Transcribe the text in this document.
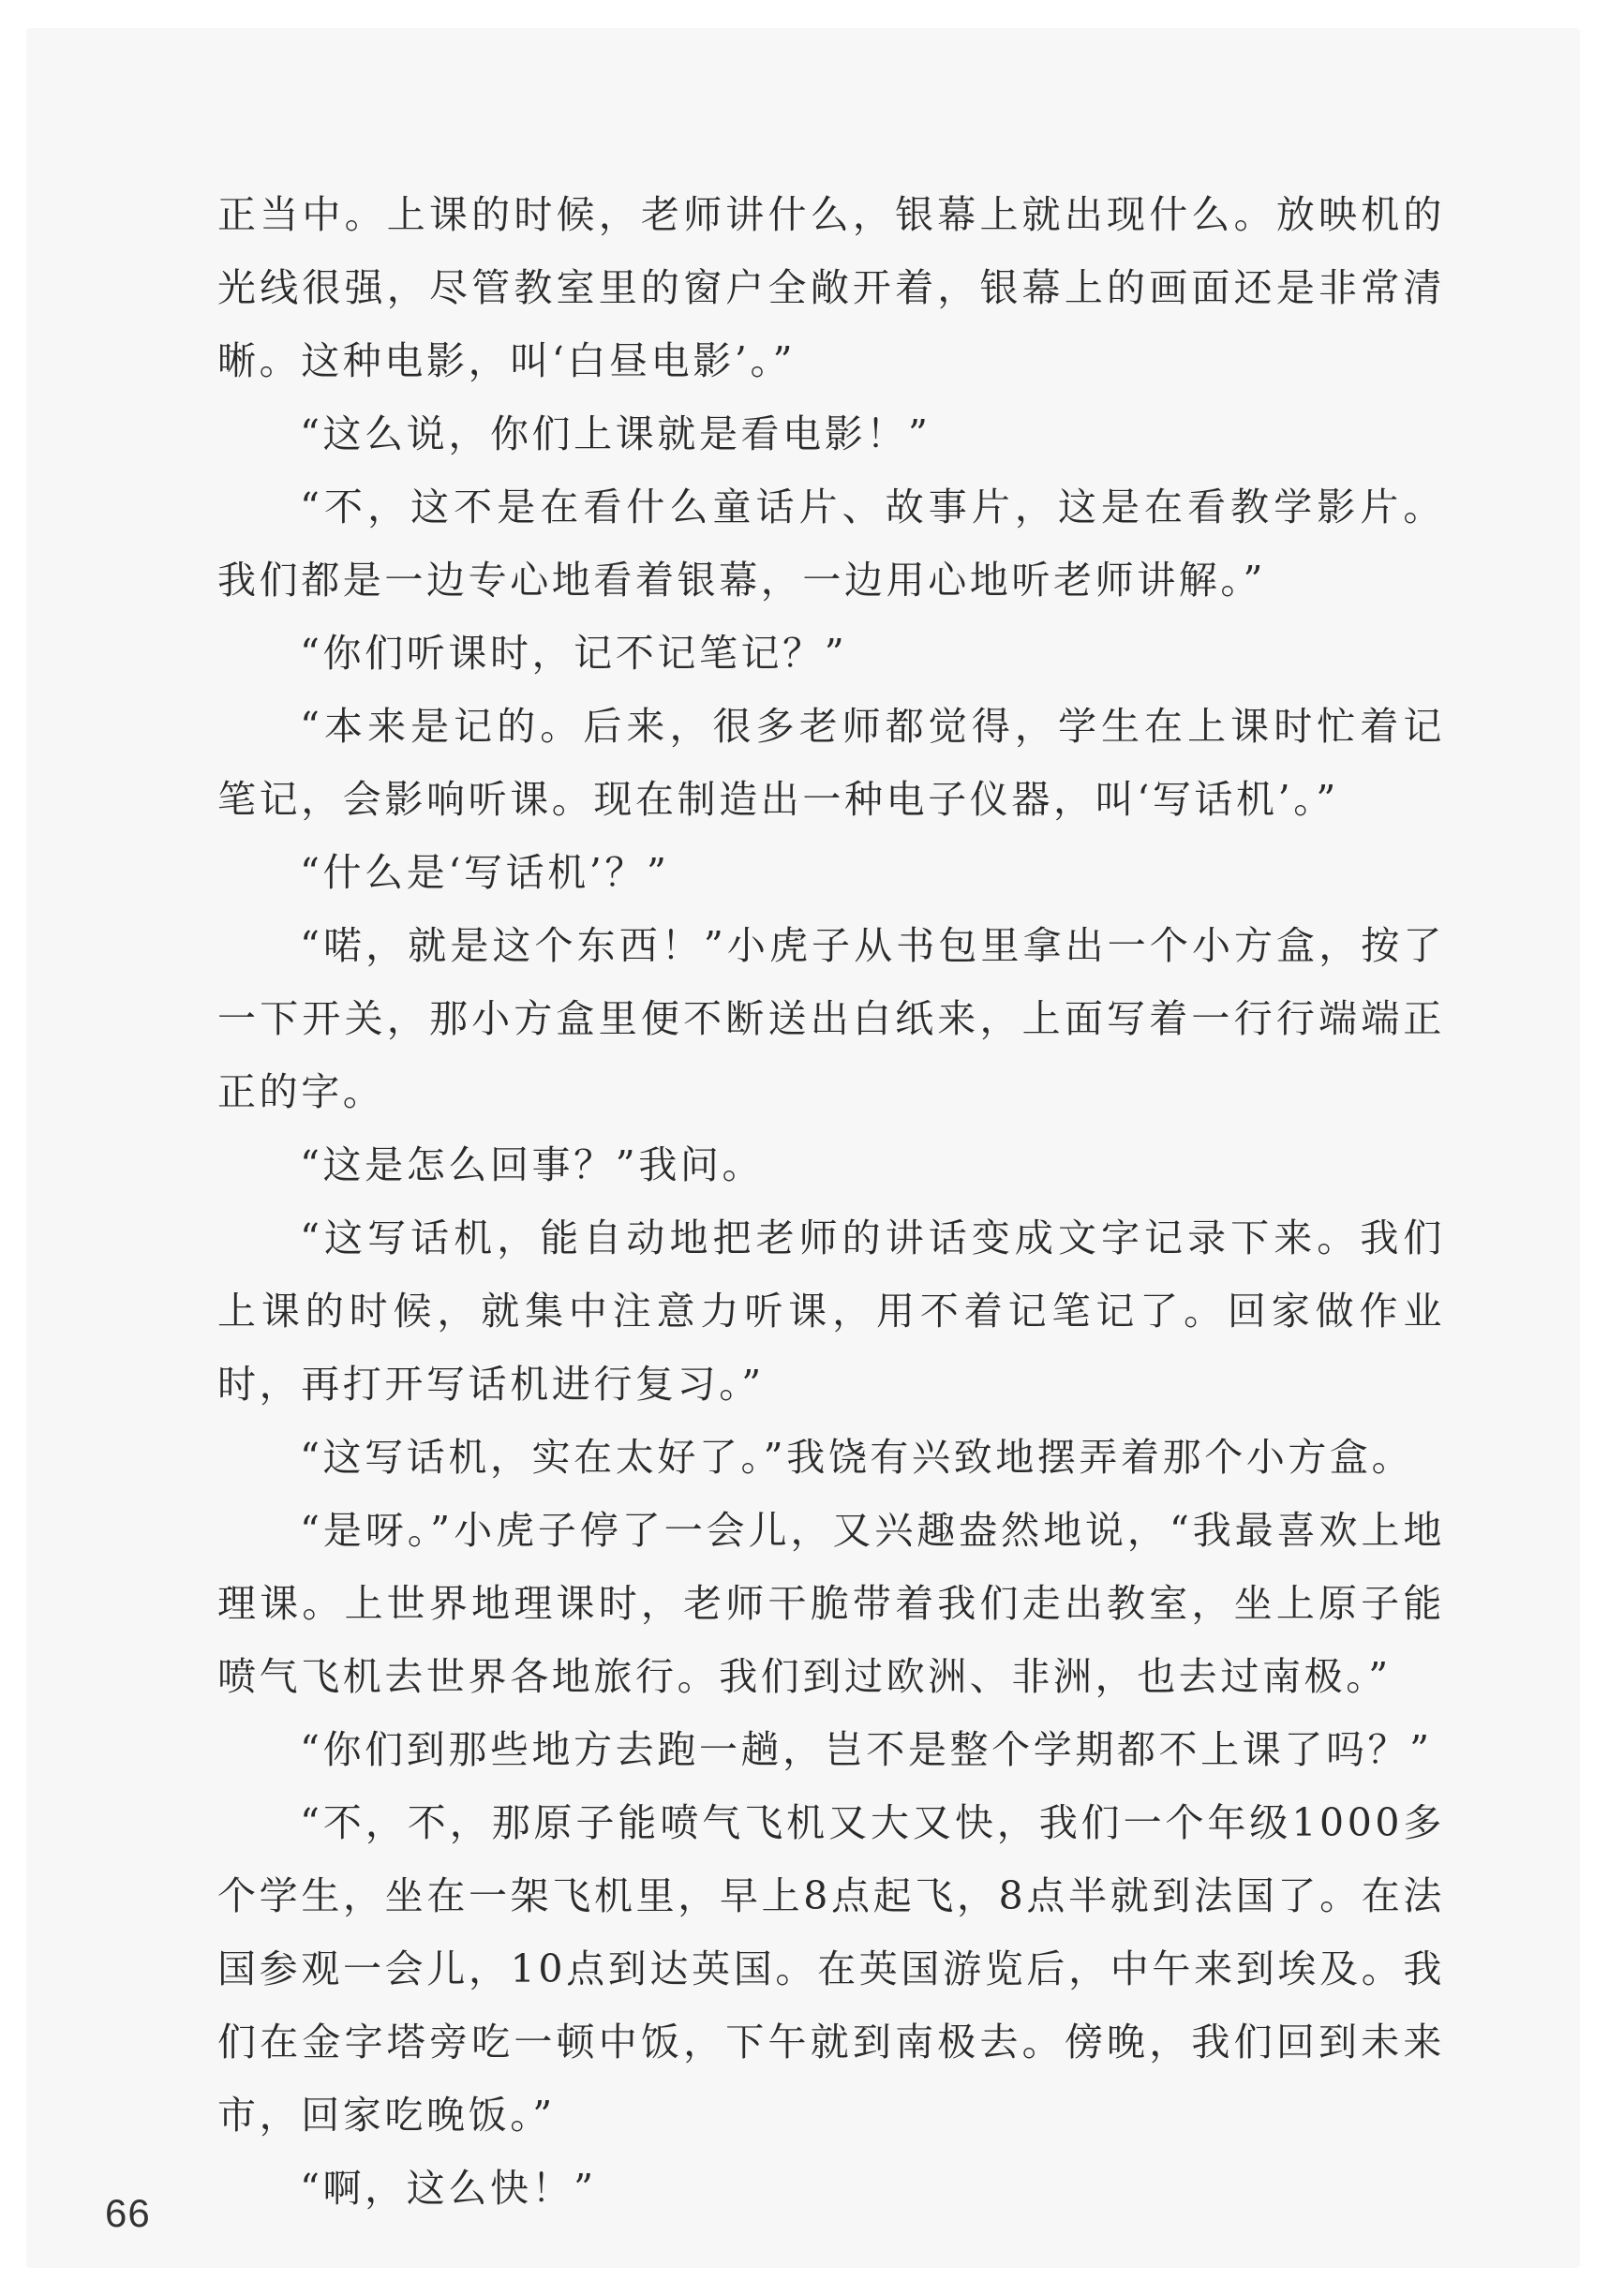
正当中。上课的时候，老师讲什么，银幕上就出现什么。放映机的光线很强，尽管教室里的窗户全敞开着，银幕上的画面还是非常清晰。这种电影，叫‘白昼电影’。”

“这么说，你们上课就是看电影！”

“不，这不是在看什么童话片、故事片，这是在看教学影片。我们都是一边专心地看着银幕，一边用心地听老师讲解。”

“你们听课时，记不记笔记？”

“本来是记的。后来，很多老师都觉得，学生在上课时忙着记笔记，会影响听课。现在制造出一种电子仪器，叫‘写话机’。”

“什么是‘写话机’？”

“喏，就是这个东西！”小虎子从书包里拿出一个小方盒，按了一下开关，那小方盒里便不断送出白纸来，上面写着一行行端端正正的字。

“这是怎么回事？”我问。

“这写话机，能自动地把老师的讲话变成文字记录下来。我们上课的时候，就集中注意力听课，用不着记笔记了。回家做作业时，再打开写话机进行复习。”

“这写话机，实在太好了。”我饶有兴致地摆弄着那个小方盒。

“是呀。”小虎子停了一会儿，又兴趣盎然地说，“我最喜欢上地理课。上世界地理课时，老师干脆带着我们走出教室，坐上原子能喷气飞机去世界各地旅行。我们到过欧洲、非洲，也去过南极。”

“你们到那些地方去跑一趟，岂不是整个学期都不上课了吗？”

“不，不，那原子能喷气飞机又大又快，我们一个年级1000多个学生，坐在一架飞机里，早上8点起飞，8点半就到法国了。在法国参观一会儿，10点到达英国。在英国游览后，中午来到埃及。我们在金字塔旁吃一顿中饭，下午就到南极去。傍晚，我们回到未来市，回家吃晚饭。”

“啊，这么快！”

66
